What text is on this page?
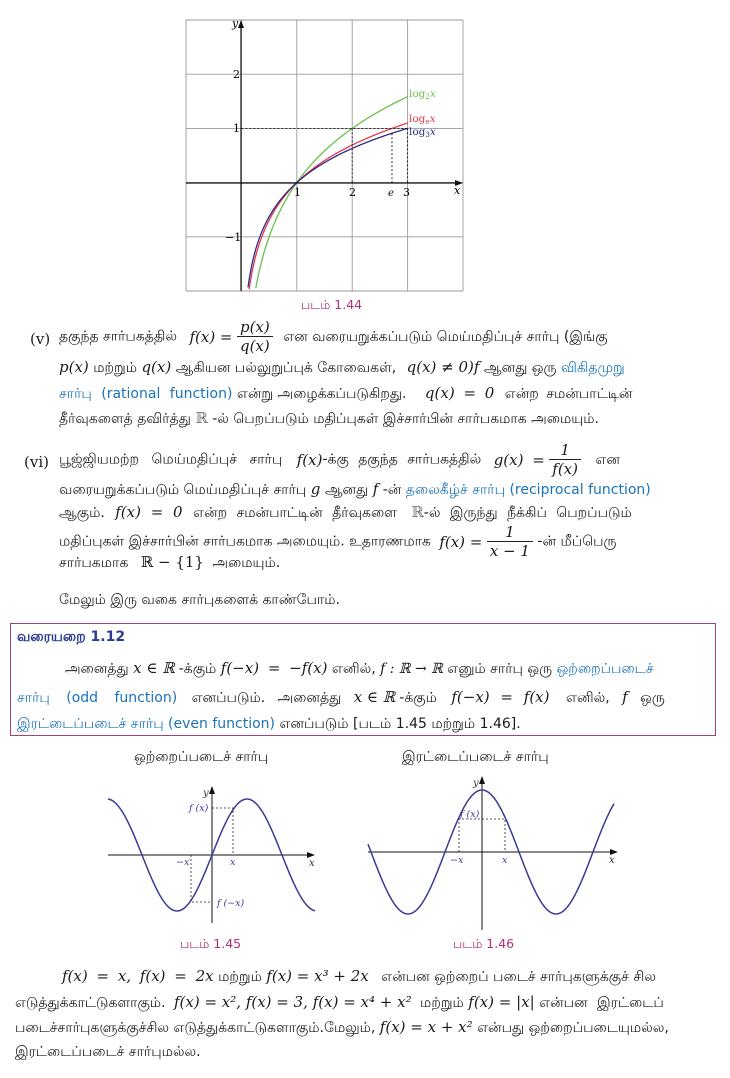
y
x
1	2	e 3
2
1
−1
log2x
logex
log3x
படம் 1.44
(v) தகுந்த சார்பகத்தில் $f(x) = \frac{p(x)}{q(x)}$ என வரையறுக்கப்படும் மெய்மதிப்புச் சார்பு (இங்கு
p(x) மற்றும் q(x) ஆகியன பல்லுறுப்புக் கோவைகள், q(x) ≠ 0)f ஆனது ஒரு விகிதமுறு
சார்பு (rational function) என்று அழைக்கப்படுகிறது. q(x) = 0 என்ற சமன்பாட்டின்
தீர்வுகளைத் தவிர்த்து ℝ -ல் பெறப்படும் மதிப்புகள் இச்சார்பின் சார்பகமாக அமையும்.
(vi) பூஜ்ஜியமற்ற மெய்மதிப்புச் சார்பு f(x)-க்கு தகுந்த சார்பகத்தில் $g(x) = \frac{1}{f(x)}$ என
வரையறுக்கப்படும் மெய்மதிப்புச் சார்பு g ஆனது f -ன் தலைகீழ்ச் சார்பு (reciprocal function)
ஆகும். f(x) = 0 என்ற சமன்பாட்டின் தீர்வுகளை ℝ-ல் இருந்து நீக்கிப் பெறப்படும்
மதிப்புகள் இச்சார்பின் சார்பகமாக அமையும். உதாரணமாக $f(x) = \frac{1}{x - 1}$ -ன் மீப்பெரு
சார்பகமாக ℝ − {1} அமையும்.
மேலும் இரு வகை சார்புகளைக் காண்போம்.
வரையறை 1.12
அனைத்து x ∈ ℝ -க்கும் f(−x) = −f(x) எனில், f : ℝ → ℝ எனும் சார்பு ஒரு ஒற்றைப்படைச்
சார்பு (odd function) எனப்படும். அனைத்து x ∈ ℝ -க்கும் f(−x) = f(x) எனில், f ஒரு
இரட்டைப்படைச் சார்பு (even function) எனப்படும் [படம் 1.45 மற்றும் 1.46].
ஒற்றைப்படைச் சார்பு
y
x
f (x)
f (−x)
x
−x
படம் 1.45
இரட்டைப்படைச் சார்பு
y
x
f (x)
x
−x
படம் 1.46
f(x) = x, f(x) = 2x மற்றும் f(x) = x³ + 2x என்பன ஒற்றைப் படைச் சார்புகளுக்குச் சில
எடுத்துக்காட்டுகளாகும். f(x) = x², f(x) = 3, f(x) = x⁴ + x² மற்றும் f(x) = |x| என்பன இரட்டைப்
படைச்சார்புகளுக்குச்சில எடுத்துக்காட்டுகளாகும்.மேலும், f(x) = x + x² என்பது ஒற்றைப்படையுமல்ல,
இரட்டைப்படைச் சார்புமல்ல.
